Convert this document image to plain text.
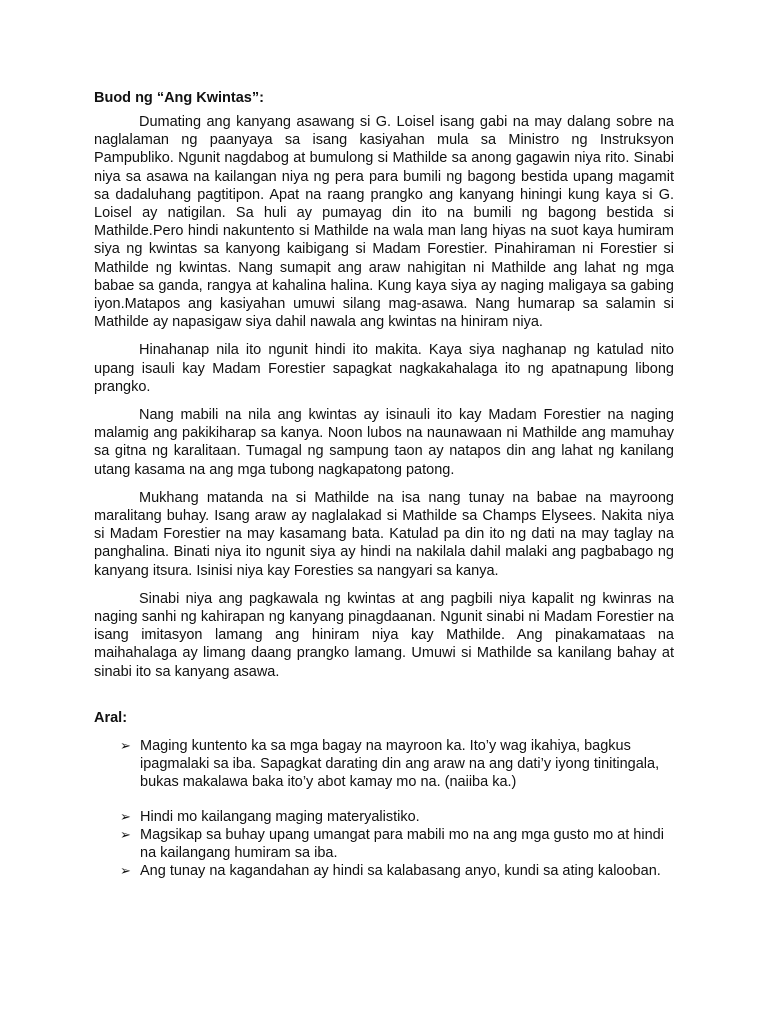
Buod ng “Ang Kwintas”:

Dumating ang kanyang asawang si G. Loisel isang gabi na may dalang sobre na naglalaman ng paanyaya sa isang kasiyahan mula sa Ministro ng Instruksyon Pampubliko. Ngunit nagdabog at bumulong si Mathilde sa anong gagawin niya rito. Sinabi niya sa asawa na kailangan niya ng pera para bumili ng bagong bestida upang magamit sa dadaluhang pagtitipon. Apat na raang prangko ang kanyang hiningi kung kaya si G. Loisel ay natigilan. Sa huli ay pumayag din ito na bumili ng bagong bestida si Mathilde.Pero hindi nakuntento si Mathilde na wala man lang hiyas na suot kaya humiram siya ng kwintas sa kanyong kaibigang si Madam Forestier. Pinahiraman ni Forestier si Mathilde ng kwintas. Nang sumapit ang araw nahigitan ni Mathilde ang lahat ng mga babae sa ganda, rangya at kahalina halina. Kung kaya siya ay naging maligaya sa gabing iyon.Matapos ang kasiyahan umuwi silang mag-asawa. Nang humarap sa salamin si Mathilde ay napasigaw siya dahil nawala ang kwintas na hiniram niya.

Hinahanap nila ito ngunit hindi ito makita. Kaya siya naghanap ng katulad nito upang isauli kay Madam Forestier sapagkat nagkakahalaga ito ng apatnapung libong prangko.

Nang mabili na nila ang kwintas ay isinauli ito kay Madam Forestier na naging malamig ang pakikiharap sa kanya. Noon lubos na naunawaan ni Mathilde ang mamuhay sa gitna ng karalitaan. Tumagal ng sampung taon ay natapos din ang lahat ng kanilang utang kasama na ang mga tubong nagkapatong patong.

Mukhang matanda na si Mathilde na isa nang tunay na babae na mayroong maralitang buhay. Isang araw ay naglalakad si Mathilde sa Champs Elysees. Nakita niya si Madam Forestier na may kasamang bata. Katulad pa din ito ng dati na may taglay na panghalina. Binati niya ito ngunit siya ay hindi na nakilala dahil malaki ang pagbabago ng kanyang itsura. Isinisi niya kay Foresties sa nangyari sa kanya.

Sinabi niya ang pagkawala ng kwintas at ang pagbili niya kapalit ng kwinras na naging sanhi ng kahirapan ng kanyang pinagdaanan. Ngunit sinabi ni Madam Forestier na isang imitasyon lamang ang hiniram niya kay Mathilde. Ang pinakamataas na maihahalaga ay limang daang prangko lamang. Umuwi si Mathilde sa kanilang bahay at sinabi ito sa kanyang asawa.

Aral:
➢ Maging kuntento ka sa mga bagay na mayroon ka. Ito’y wag ikahiya, bagkus ipagmalaki sa iba. Sapagkat darating din ang araw na ang dati’y iyong tinitingala, bukas makalawa baka ito’y abot kamay mo na. (naiiba ka.)
➢ Hindi mo kailangang maging materyalistiko.
➢ Magsikap sa buhay upang umangat para mabili mo na ang mga gusto mo at hindi na kailangang humiram sa iba.
➢ Ang tunay na kagandahan ay hindi sa kalabasang anyo, kundi sa ating kalooban.
